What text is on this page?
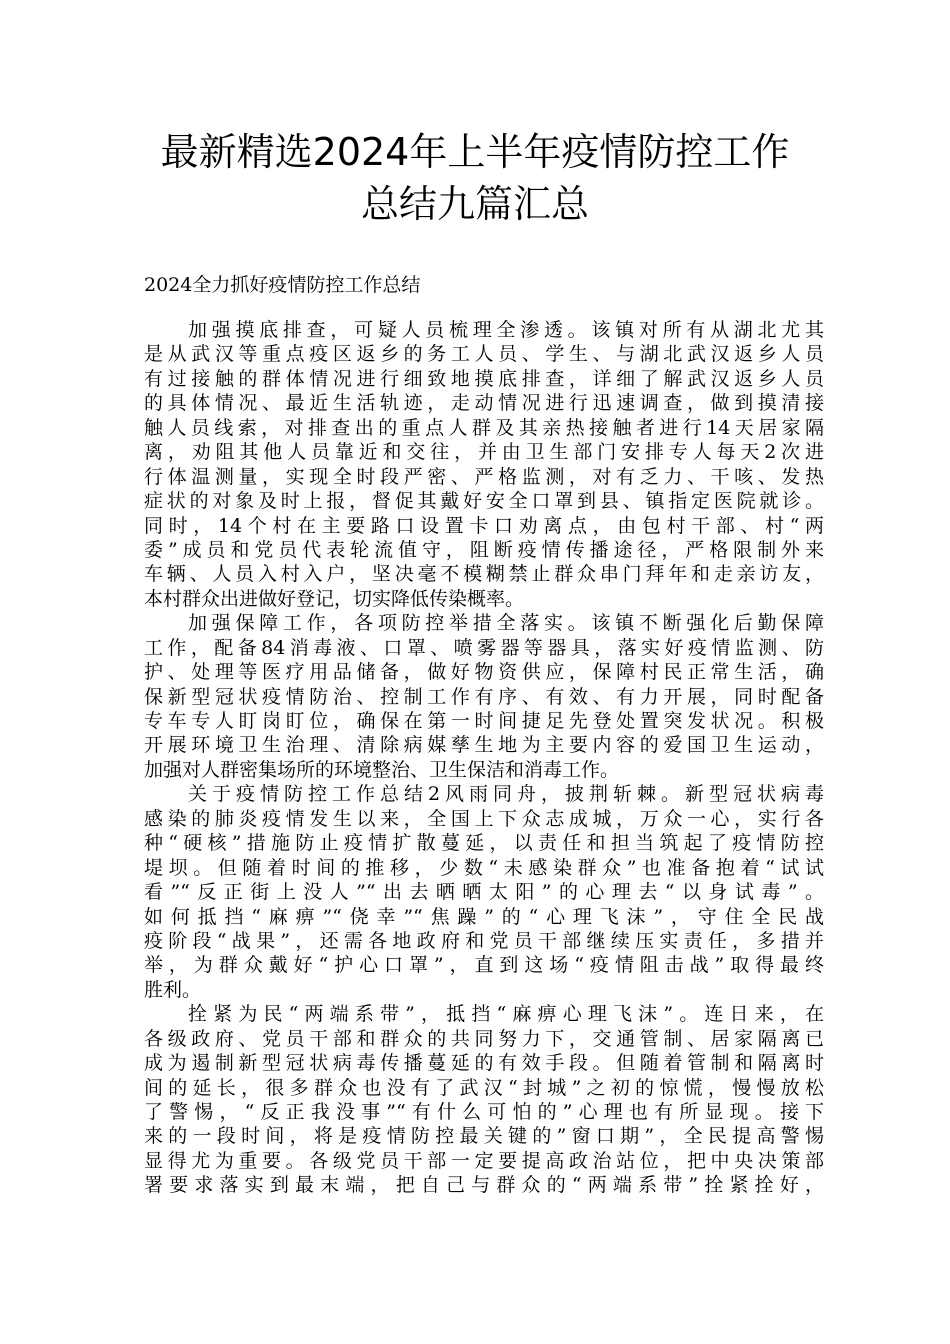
最新精选2024年上半年疫情防控工作
总结九篇汇总

2024全力抓好疫情防控工作总结

加强摸底排查，可疑人员梳理全渗透。该镇对所有从湖北尤其
是从武汉等重点疫区返乡的务工人员、学生、与湖北武汉返乡人员
有过接触的群体情况进行细致地摸底排查，详细了解武汉返乡人员
的具体情况、最近生活轨迹，走动情况进行迅速调查，做到摸清接
触人员线索，对排查出的重点人群及其亲热接触者进行14天居家隔
离，劝阻其他人员靠近和交往，并由卫生部门安排专人每天2次进
行体温测量，实现全时段严密、严格监测，对有乏力、干咳、发热
症状的对象及时上报，督促其戴好安全口罩到县、镇指定医院就诊。
同时，14个村在主要路口设置卡口劝离点，由包村干部、村“两
委”成员和党员代表轮流值守，阻断疫情传播途径，严格限制外来
车辆、人员入村入户，坚决毫不模糊禁止群众串门拜年和走亲访友，
本村群众出进做好登记，切实降低传染概率。
加强保障工作，各项防控举措全落实。该镇不断强化后勤保障
工作，配备84消毒液、口罩、喷雾器等器具，落实好疫情监测、防
护、处理等医疗用品储备，做好物资供应，保障村民正常生活，确
保新型冠状疫情防治、控制工作有序、有效、有力开展，同时配备
专车专人盯岗盯位，确保在第一时间捷足先登处置突发状况。积极
开展环境卫生治理、清除病媒孳生地为主要内容的爱国卫生运动，
加强对人群密集场所的环境整治、卫生保洁和消毒工作。
关于疫情防控工作总结2风雨同舟，披荆斩棘。新型冠状病毒
感染的肺炎疫情发生以来，全国上下众志成城，万众一心，实行各
种“硬核”措施防止疫情扩散蔓延，以责任和担当筑起了疫情防控
堤坝。但随着时间的推移，少数“未感染群众”也准备抱着“试试
看”“反正街上没人”“出去晒晒太阳”的心理去“以身试毒”。
如何抵挡“麻痹”“侥幸”“焦躁”的“心理飞沫”，守住全民战
疫阶段“战果”，还需各地政府和党员干部继续压实责任，多措并
举，为群众戴好“护心口罩”，直到这场“疫情阻击战”取得最终
胜利。
拴紧为民“两端系带”，抵挡“麻痹心理飞沫”。连日来，在
各级政府、党员干部和群众的共同努力下，交通管制、居家隔离已
成为遏制新型冠状病毒传播蔓延的有效手段。但随着管制和隔离时
间的延长，很多群众也没有了武汉“封城”之初的惊慌，慢慢放松
了警惕，“反正我没事”“有什么可怕的”心理也有所显现。接下
来的一段时间，将是疫情防控最关键的”窗口期”，全民提高警惕
显得尤为重要。各级党员干部一定要提高政治站位，把中央决策部
署要求落实到最末端，把自己与群众的“两端系带”拴紧拴好，
